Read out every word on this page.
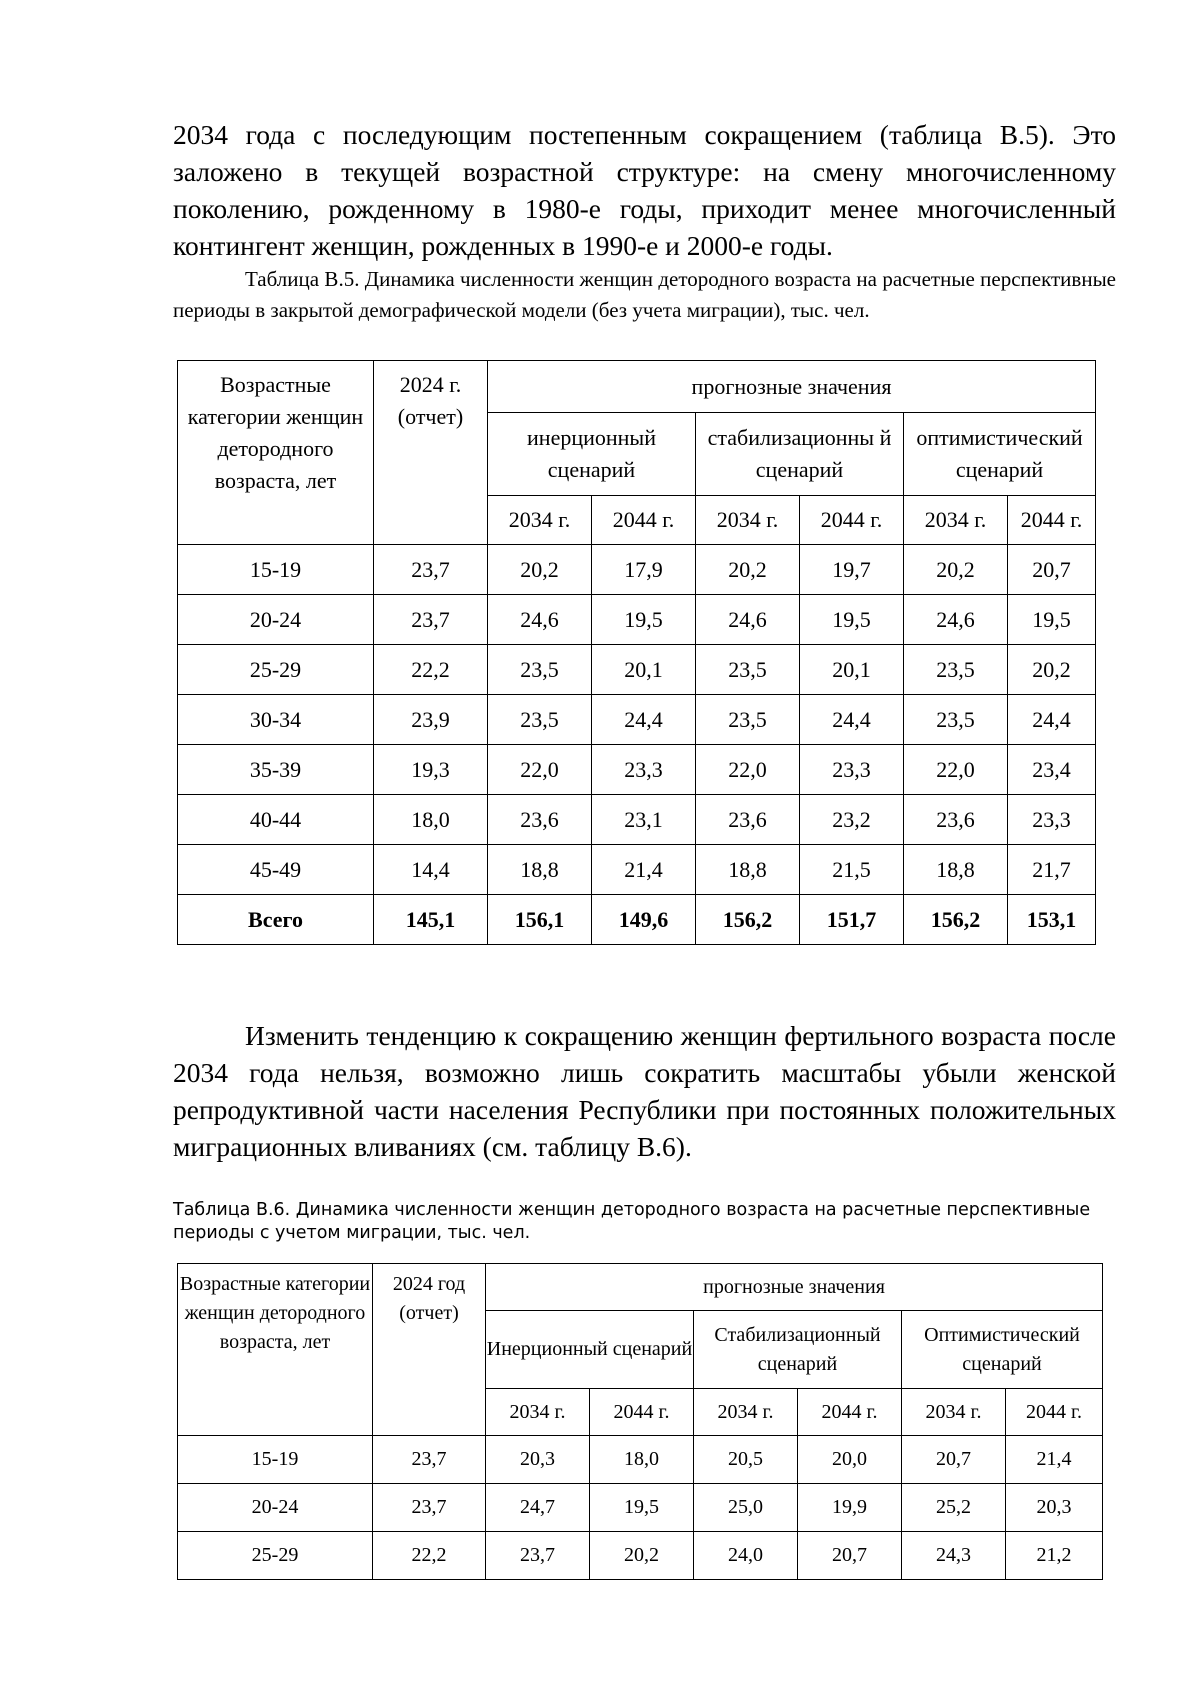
2034 года с последующим постепенным сокращением (таблица В.5). Это заложено в текущей возрастной структуре: на смену многочисленному поколению, рожденному в 1980-е годы, приходит менее многочисленный контингент женщин, рожденных в 1990-е и 2000-е годы.

Таблица В.5. Динамика численности женщин детородного возраста на расчетные перспективные периоды в закрытой демографической модели (без учета миграции), тыс. чел.

Возрастные категории женщин детородного возраста, лет	2024 г. (отчет)	прогнозные значения					
		инерционный сценарий		стабилизационны й сценарий		оптимистический сценарий	
		2034 г.	2044 г.	2034 г.	2044 г.	2034 г.	2044 г.
15-19	23,7	20,2	17,9	20,2	19,7	20,2	20,7
20-24	23,7	24,6	19,5	24,6	19,5	24,6	19,5
25-29	22,2	23,5	20,1	23,5	20,1	23,5	20,2
30-34	23,9	23,5	24,4	23,5	24,4	23,5	24,4
35-39	19,3	22,0	23,3	22,0	23,3	22,0	23,4
40-44	18,0	23,6	23,1	23,6	23,2	23,6	23,3
45-49	14,4	18,8	21,4	18,8	21,5	18,8	21,7
Всего	145,1	156,1	149,6	156,2	151,7	156,2	153,1

Изменить тенденцию к сокращению женщин фертильного возраста после 2034 года нельзя, возможно лишь сократить масштабы убыли женской репродуктивной части населения Республики при постоянных положительных миграционных вливаниях (см. таблицу В.6).

Таблица В.6. Динамика численности женщин детородного возраста на расчетные перспективные периоды с учетом миграции, тыс. чел.

Возрастные категории женщин детородного возраста, лет	2024 год (отчет)	прогнозные значения					
		Инерционный сценарий		Стабилизационный сценарий		Оптимистический сценарий	
		2034 г.	2044 г.	2034 г.	2044 г.	2034 г.	2044 г.
15-19	23,7	20,3	18,0	20,5	20,0	20,7	21,4
20-24	23,7	24,7	19,5	25,0	19,9	25,2	20,3
25-29	22,2	23,7	20,2	24,0	20,7	24,3	21,2
